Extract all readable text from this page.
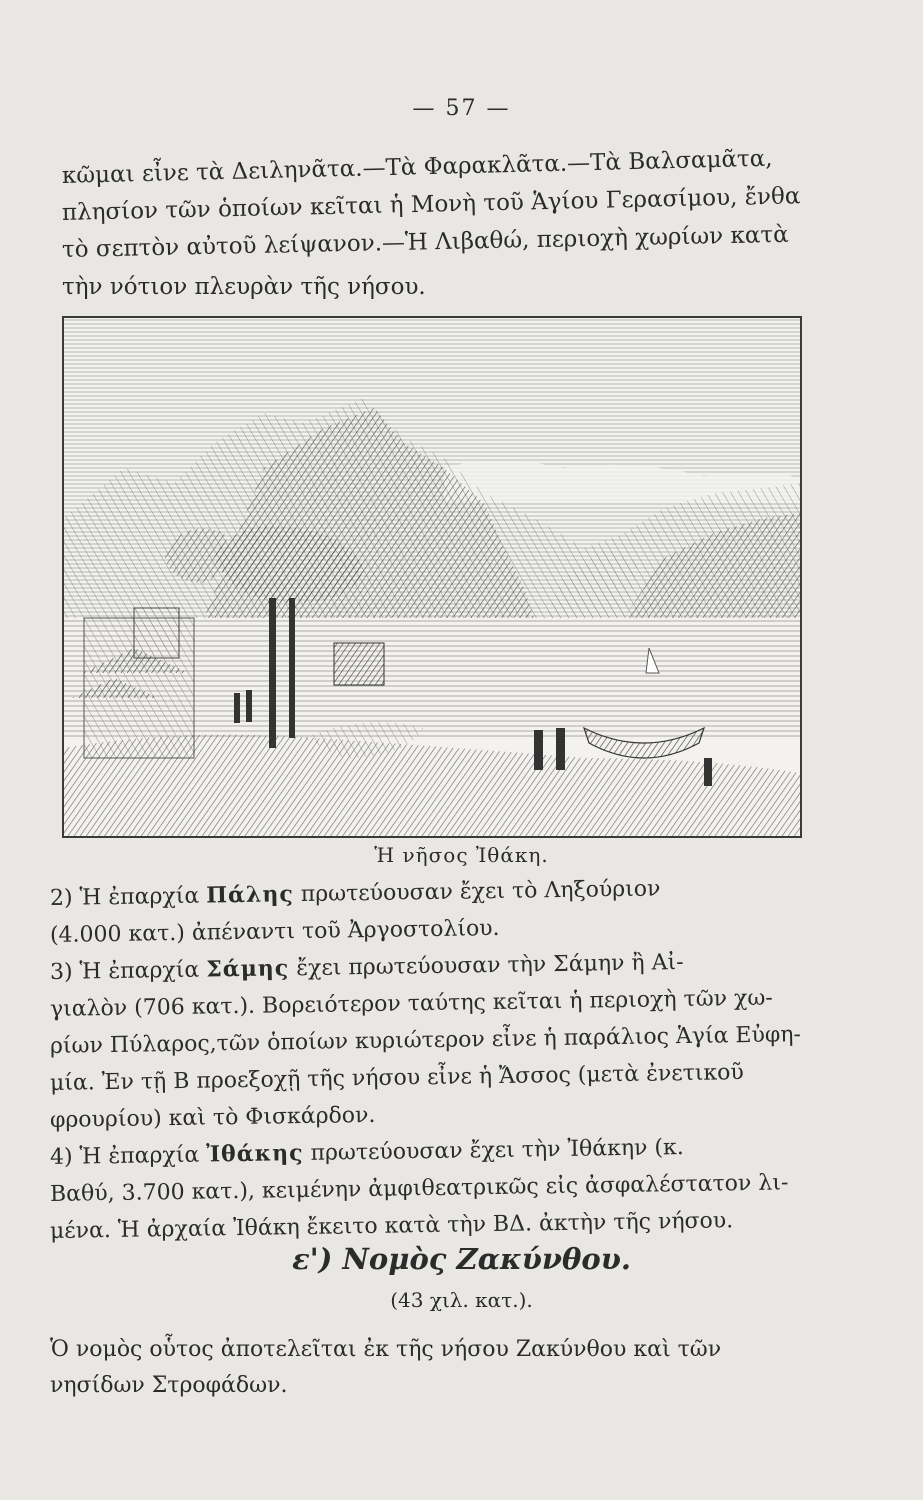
— 57 —
κῶμαι εἶνε τὰ Δειληνᾶτα.—Τὰ Φαρακλᾶτα.—Τὰ Βαλσαμᾶτα,
πλησίον τῶν ὁποίων κεῖται ἡ Μονὴ τοῦ Ἁγίου Γερασίμου, ἔνθα
τὸ σεπτὸν αὐτοῦ λείψανον.—Ἡ Λιβαθώ, περιοχὴ χωρίων κατὰ
τὴν νότιον πλευρὰν τῆς νήσου.
Ἡ νῆσος Ἰθάκη.
2) Ἡ ἐπαρχία Πάλης πρωτεύουσαν ἔχει τὸ Ληξούριον
(4.000 κατ.) ἀπέναντι τοῦ Ἀργοστολίου.
3) Ἡ ἐπαρχία Σάμης ἔχει πρωτεύουσαν τὴν Σάμην ἢ Αἰ-
γιαλὸν (706 κατ.). Βορειότερον ταύτης κεῖται ἡ περιοχὴ τῶν χω-
ρίων Πύλαρος,τῶν ὁποίων κυριώτερον εἶνε ἡ παράλιος Ἁγία Εὐφη-
μία. Ἐν τῇ Β προεξοχῇ τῆς νήσου εἶνε ἡ Ἄσσος (μετὰ ἐνετικοῦ
φρουρίου) καὶ τὸ Φισκάρδον.
4) Ἡ ἐπαρχία Ἰθάκης πρωτεύουσαν ἔχει τὴν Ἰθάκην (κ.
Βαθύ, 3.700 κατ.), κειμένην ἀμφιθεατρικῶς εἰς ἀσφαλέστατον λι-
μένα. Ἡ ἀρχαία Ἰθάκη ἔκειτο κατὰ τὴν ΒΔ. ἀκτὴν τῆς νήσου.
ε') Νομὸς Ζακύνθου.
(43 χιλ. κατ.).
Ὁ νομὸς οὗτος ἀποτελεῖται ἐκ τῆς νήσου Ζακύνθου καὶ τῶν
νησίδων Στροφάδων.
